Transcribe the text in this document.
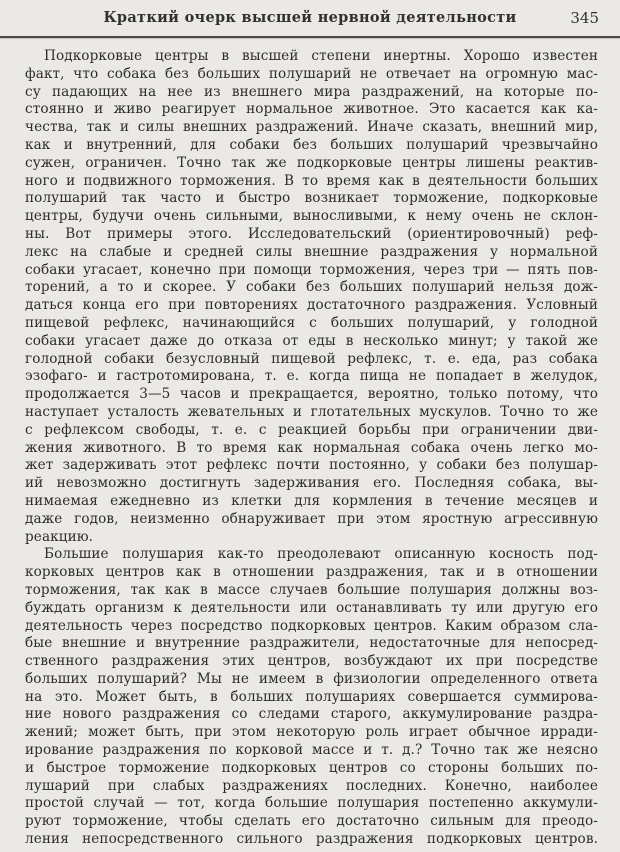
Краткий очерк высшей нервной деятельности	345
Подкорковые центры в высшей степени инертны. Хорошо известен
факт, что собака без больших полушарий не отвечает на огромную мас-
су падающих на нее из внешнего мира раздражений, на которые по-
стоянно и живо реагирует нормальное животное. Это касается как ка-
чества, так и силы внешних раздражений. Иначе сказать, внешний мир,
как и внутренний, для собаки без больших полушарий чрезвычайно
сужен, ограничен. Точно так же подкорковые центры лишены реактив-
ного и подвижного торможения. В то время как в деятельности больших
полушарий так часто и быстро возникает торможение, подкорковые
центры, будучи очень сильными, выносливыми, к нему очень не склон-
ны. Вот примеры этого. Исследовательский (ориентировочный) реф-
лекс на слабые и средней силы внешние раздражения у нормальной
собаки угасает, конечно при помощи торможения, через три — пять пов-
торений, а то и скорее. У собаки без больших полушарий нельзя дож-
даться конца его при повторениях достаточного раздражения. Условный
пищевой рефлекс, начинающийся с больших полушарий, у голодной
собаки угасает даже до отказа от еды в несколько минут; у такой же
голодной собаки безусловный пищевой рефлекс, т. е. еда, раз собака
эзофаго- и гастротомирована, т. е. когда пища не попадает в желудок,
продолжается 3—5 часов и прекращается, вероятно, только потому, что
наступает усталость жевательных и глотательных мускулов. Точно то же
с рефлексом свободы, т. е. с реакцией борьбы при ограничении дви-
жения животного. В то время как нормальная собака очень легко мо-
жет задерживать этот рефлекс почти постоянно, у собаки без полушар-
ий невозможно достигнуть задерживания его. Последняя собака, вы-
нимаемая ежедневно из клетки для кормления в течение месяцев и
даже годов, неизменно обнаруживает при этом яростную агрессивную
реакцию.
Большие полушария как-то преодолевают описанную косность под-
корковых центров как в отношении раздражения, так и в отношении
торможения, так как в массе случаев большие полушария должны воз-
буждать организм к деятельности или останавливать ту или другую его
деятельность через посредство подкорковых центров. Каким образом сла-
бые внешние и внутренние раздражители, недостаточные для непосред-
ственного раздражения этих центров, возбуждают их при посредстве
больших полушарий? Мы не имеем в физиологии определенного ответа
на это. Может быть, в больших полушариях совершается суммирова-
ние нового раздражения со следами старого, аккумулирование раздра-
жений; может быть, при этом некоторую роль играет обычное ирради-
ирование раздражения по корковой массе и т. д.? Точно так же неясно
и быстрое торможение подкорковых центров со стороны больших по-
лушарий при слабых раздражениях последних. Конечно, наиболее
простой случай — тот, когда большие полушария постепенно аккумули-
руют торможение, чтобы сделать его достаточно сильным для преодо-
ления непосредственного сильного раздражения подкорковых центров.
